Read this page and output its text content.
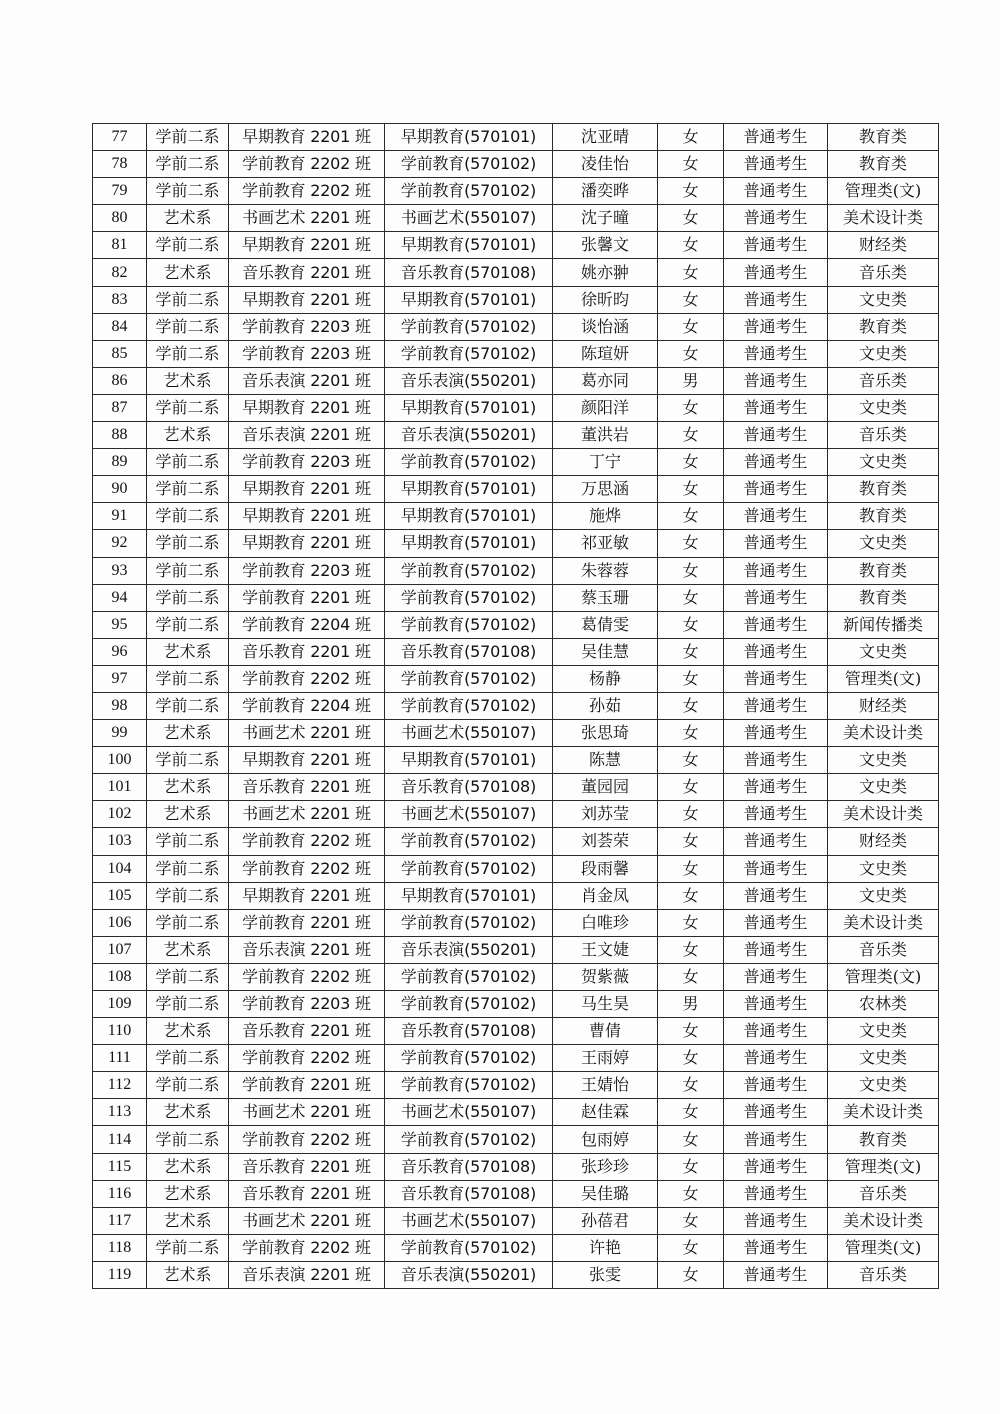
77	学前二系	早期教育 2201 班	早期教育(570101)	沈亚晴	女	普通考生	教育类
78	学前二系	学前教育 2202 班	学前教育(570102)	凌佳怡	女	普通考生	教育类
79	学前二系	学前教育 2202 班	学前教育(570102)	潘奕晔	女	普通考生	管理类(文)
80	艺术系	书画艺术 2201 班	书画艺术(550107)	沈子曈	女	普通考生	美术设计类
81	学前二系	早期教育 2201 班	早期教育(570101)	张馨文	女	普通考生	财经类
82	艺术系	音乐教育 2201 班	音乐教育(570108)	姚亦翀	女	普通考生	音乐类
83	学前二系	早期教育 2201 班	早期教育(570101)	徐昕昀	女	普通考生	文史类
84	学前二系	学前教育 2203 班	学前教育(570102)	谈怡涵	女	普通考生	教育类
85	学前二系	学前教育 2203 班	学前教育(570102)	陈瑄妍	女	普通考生	文史类
86	艺术系	音乐表演 2201 班	音乐表演(550201)	葛亦同	男	普通考生	音乐类
87	学前二系	早期教育 2201 班	早期教育(570101)	颜阳洋	女	普通考生	文史类
88	艺术系	音乐表演 2201 班	音乐表演(550201)	董洪岩	女	普通考生	音乐类
89	学前二系	学前教育 2203 班	学前教育(570102)	丁宁	女	普通考生	文史类
90	学前二系	早期教育 2201 班	早期教育(570101)	万思涵	女	普通考生	教育类
91	学前二系	早期教育 2201 班	早期教育(570101)	施烨	女	普通考生	教育类
92	学前二系	早期教育 2201 班	早期教育(570101)	祁亚敏	女	普通考生	文史类
93	学前二系	学前教育 2203 班	学前教育(570102)	朱蓉蓉	女	普通考生	教育类
94	学前二系	学前教育 2201 班	学前教育(570102)	蔡玉珊	女	普通考生	教育类
95	学前二系	学前教育 2204 班	学前教育(570102)	葛倩雯	女	普通考生	新闻传播类
96	艺术系	音乐教育 2201 班	音乐教育(570108)	吴佳慧	女	普通考生	文史类
97	学前二系	学前教育 2202 班	学前教育(570102)	杨静	女	普通考生	管理类(文)
98	学前二系	学前教育 2204 班	学前教育(570102)	孙茹	女	普通考生	财经类
99	艺术系	书画艺术 2201 班	书画艺术(550107)	张思琦	女	普通考生	美术设计类
100	学前二系	早期教育 2201 班	早期教育(570101)	陈慧	女	普通考生	文史类
101	艺术系	音乐教育 2201 班	音乐教育(570108)	董园园	女	普通考生	文史类
102	艺术系	书画艺术 2201 班	书画艺术(550107)	刘苏莹	女	普通考生	美术设计类
103	学前二系	学前教育 2202 班	学前教育(570102)	刘荟荣	女	普通考生	财经类
104	学前二系	学前教育 2202 班	学前教育(570102)	段雨馨	女	普通考生	文史类
105	学前二系	早期教育 2201 班	早期教育(570101)	肖金凤	女	普通考生	文史类
106	学前二系	学前教育 2201 班	学前教育(570102)	白唯珍	女	普通考生	美术设计类
107	艺术系	音乐表演 2201 班	音乐表演(550201)	王文婕	女	普通考生	音乐类
108	学前二系	学前教育 2202 班	学前教育(570102)	贺紫薇	女	普通考生	管理类(文)
109	学前二系	学前教育 2203 班	学前教育(570102)	马生昊	男	普通考生	农林类
110	艺术系	音乐教育 2201 班	音乐教育(570108)	曹倩	女	普通考生	文史类
111	学前二系	学前教育 2202 班	学前教育(570102)	王雨婷	女	普通考生	文史类
112	学前二系	学前教育 2201 班	学前教育(570102)	王婧怡	女	普通考生	文史类
113	艺术系	书画艺术 2201 班	书画艺术(550107)	赵佳霖	女	普通考生	美术设计类
114	学前二系	学前教育 2202 班	学前教育(570102)	包雨婷	女	普通考生	教育类
115	艺术系	音乐教育 2201 班	音乐教育(570108)	张珍珍	女	普通考生	管理类(文)
116	艺术系	音乐教育 2201 班	音乐教育(570108)	吴佳璐	女	普通考生	音乐类
117	艺术系	书画艺术 2201 班	书画艺术(550107)	孙蓓君	女	普通考生	美术设计类
118	学前二系	学前教育 2202 班	学前教育(570102)	许艳	女	普通考生	管理类(文)
119	艺术系	音乐表演 2201 班	音乐表演(550201)	张雯	女	普通考生	音乐类
